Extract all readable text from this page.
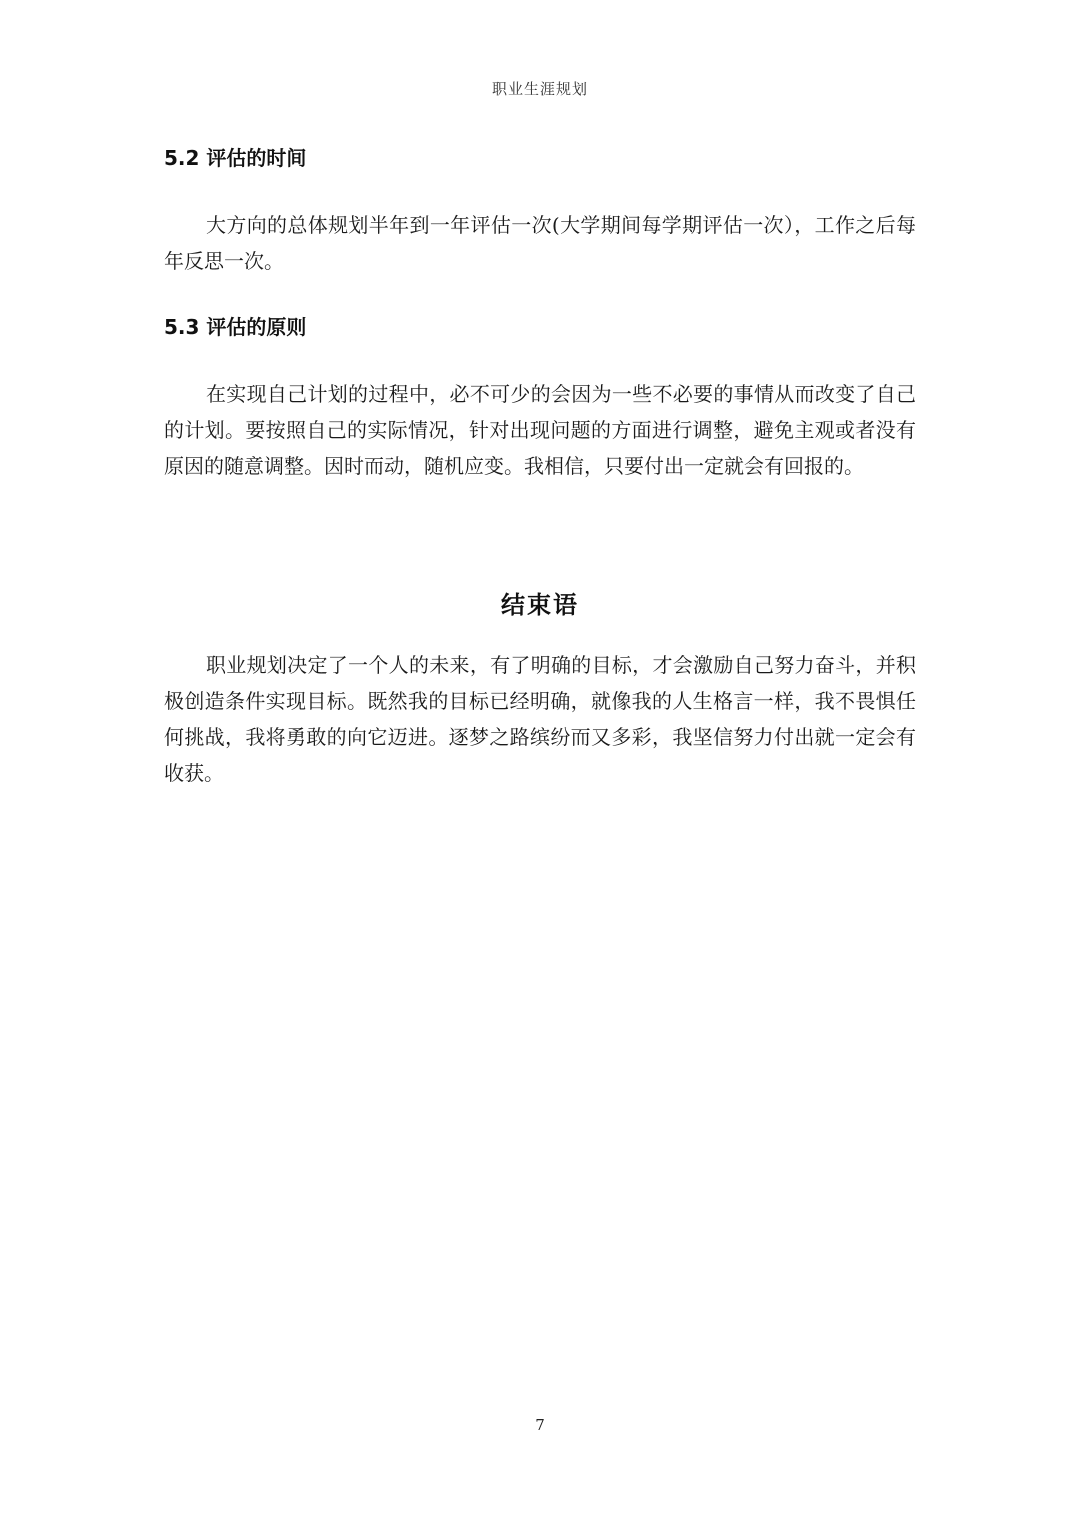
职业生涯规划
5.2 评估的时间
大方向的总体规划半年到一年评估一次(大学期间每学期评估一次），工作之后每年反思一次。
5.3 评估的原则
在实现自己计划的过程中，必不可少的会因为一些不必要的事情从而改变了自己的计划。要按照自己的实际情况，针对出现问题的方面进行调整，避免主观或者没有原因的随意调整。因时而动，随机应变。我相信，只要付出一定就会有回报的。
职业规划决定了一个人的未来，有了明确的目标，才会激励自己努力奋斗，并积极创造条件实现目标。既然我的目标已经明确，就像我的人生格言一样，我不畏惧任何挑战，我将勇敢的向它迈进。逐梦之路缤纷而又多彩，我坚信努力付出就一定会有收获。
结束语
7
